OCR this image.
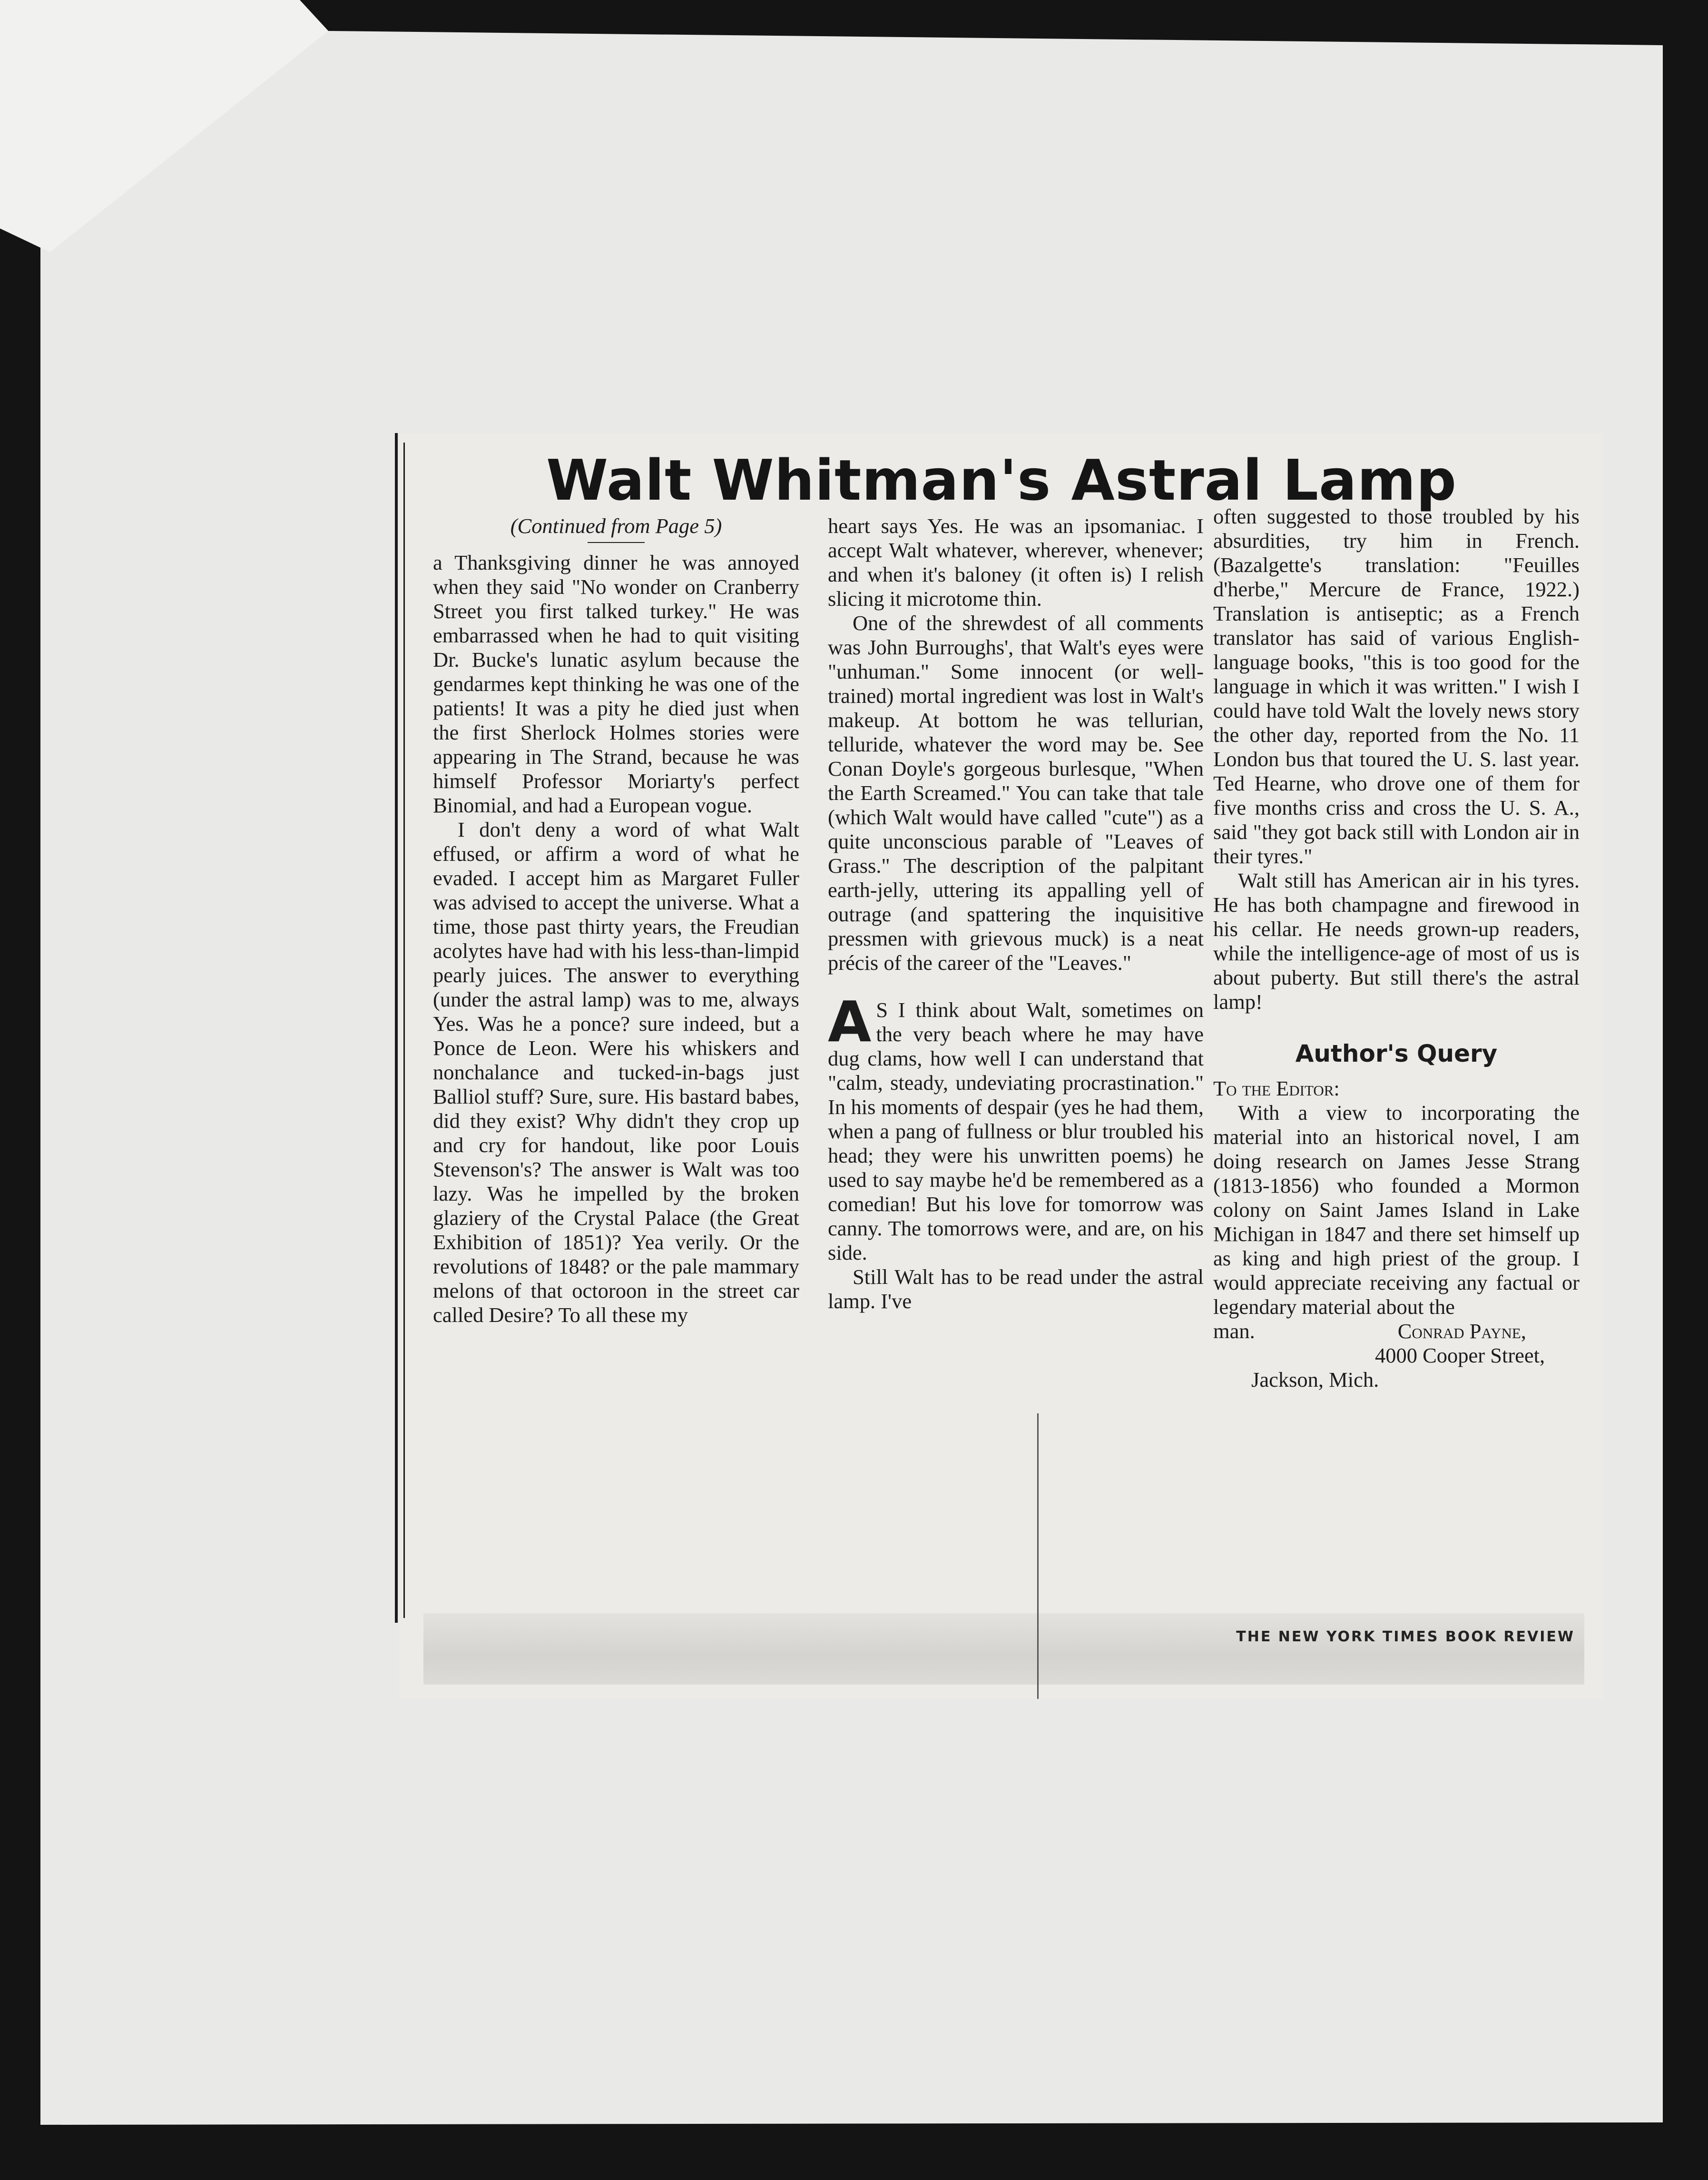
Walt Whitman's Astral Lamp
(Continued from Page 5)

a Thanksgiving dinner he was annoyed when they said "No wonder on Cranberry Street you first talked turkey." He was embarrassed when he had to quit visiting Dr. Bucke's lunatic asylum because the gendarmes kept thinking he was one of the patients! It was a pity he died just when the first Sherlock Holmes stories were appearing in The Strand, because he was himself Professor Moriarty's perfect Binomial, and had a European vogue.

I don't deny a word of what Walt effused, or affirm a word of what he evaded. I accept him as Margaret Fuller was advised to accept the universe. What a time, those past thirty years, the Freudian acolytes have had with his less-than-limpid pearly juices. The answer to everything (under the astral lamp) was to me, always Yes. Was he a ponce? sure indeed, but a Ponce de Leon. Were his whiskers and nonchalance and tucked-in-bags just Balliol stuff? Sure, sure. His bastard babes, did they exist? Why didn't they crop up and cry for handout, like poor Louis Stevenson's? The answer is Walt was too lazy. Was he impelled by the broken glaziery of the Crystal Palace (the Great Exhibition of 1851)? Yea verily. Or the revolutions of 1848? or the pale mammary melons of that octoroon in the street car called Desire? To all these my

heart says Yes. He was an ipsomaniac. I accept Walt whatever, wherever, whenever; and when it's baloney (it often is) I relish slicing it microtome thin.

One of the shrewdest of all comments was John Burroughs', that Walt's eyes were "unhuman." Some innocent (or well-trained) mortal ingredient was lost in Walt's makeup. At bottom he was tellurian, telluride, whatever the word may be. See Conan Doyle's gorgeous burlesque, "When the Earth Screamed." You can take that tale (which Walt would have called "cute") as a quite unconscious parable of "Leaves of Grass." The description of the palpitant earth-jelly, uttering its appalling yell of outrage (and spattering the inquisitive pressmen with grievous muck) is a neat précis of the career of the "Leaves."

A S I think about Walt, sometimes on the very beach where he may have dug clams, how well I can understand that "calm, steady, undeviating procrastination." In his moments of despair (yes he had them, when a pang of fullness or blur troubled his head; they were his unwritten poems) he used to say maybe he'd be remembered as a comedian! But his love for tomorrow was canny. The tomorrows were, and are, on his side.

Still Walt has to be read under the astral lamp. I've

often suggested to those troubled by his absurdities, try him in French. (Bazalgette's translation: "Feuilles d'herbe," Mercure de France, 1922.) Translation is antiseptic; as a French translator has said of various English-language books, "this is too good for the language in which it was written." I wish I could have told Walt the lovely news story the other day, reported from the No. 11 London bus that toured the U. S. last year. Ted Hearne, who drove one of them for five months criss and cross the U. S. A., said "they got back still with London air in their tyres."

Walt still has American air in his tyres. He has both champagne and firewood in his cellar. He needs grown-up readers, while the intelligence-age of most of us is about puberty. But still there's the astral lamp!

Author's Query

To the Editor:

With a view to incorporating the material into an historical novel, I am doing research on James Jesse Strang (1813-1856) who founded a Mormon colony on Saint James Island in Lake Michigan in 1847 and there set himself up as king and high priest of the group. I would appreciate receiving any factual or legendary material about the

man.	Conrad Payne,

4000 Cooper Street,

Jackson, Mich.

THE NEW YORK TIMES BOOK REVIEW
